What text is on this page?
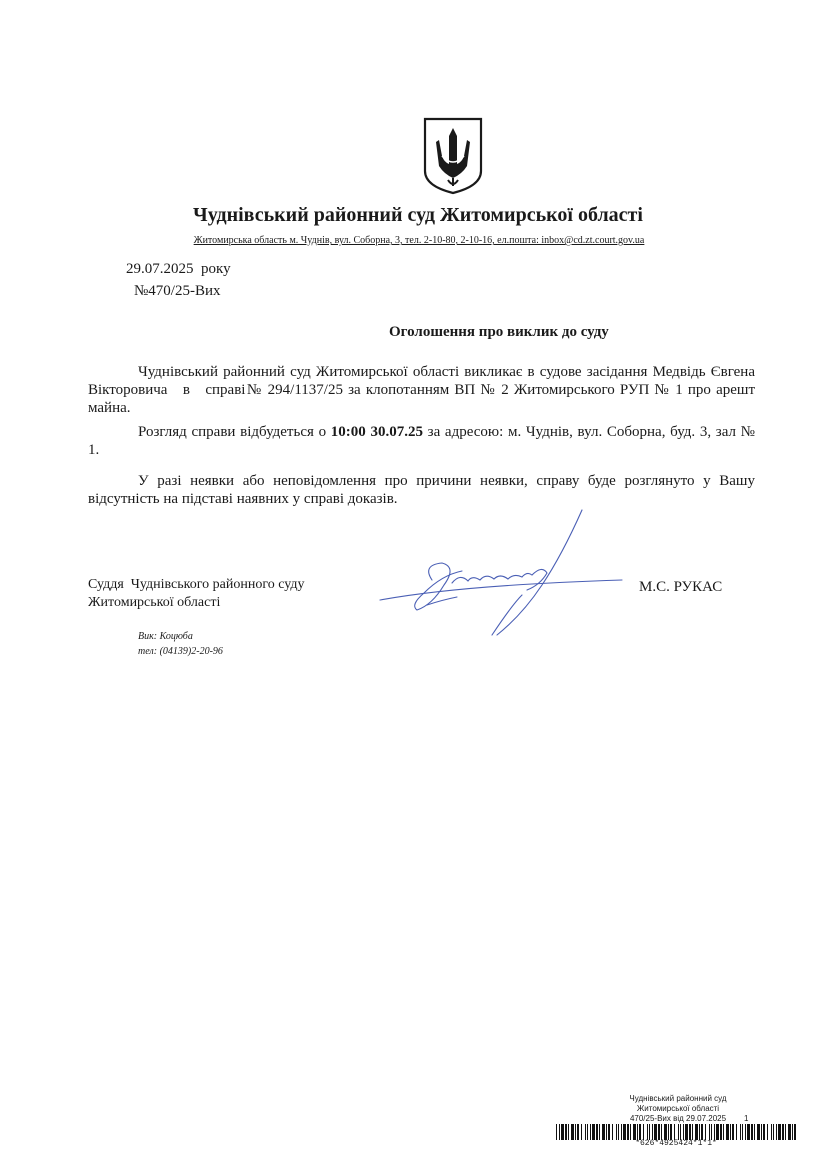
Чуднівський районний суд Житомирської області
Житомирська область м. Чуднів, вул. Соборна, 3, тел. 2-10-80, 2-10-16, ел.пошта: inbox@cd.zt.court.gov.ua
29.07.2025  року
№470/25-Вих
Оголошення про виклик до суду
Чуднівський районний суд Житомирської області викликає в судове засідання Медвідь Євгена Вікторовича   в   справі№ 294/1137/25 за клопотанням ВП № 2 Житомирського РУП № 1 про арешт майна.
Розгляд справи відбудеться о 10:00 30.07.25 за адресою: м. Чуднів, вул. Соборна, буд. 3, зал № 1.
У разі неявки або неповідомлення про причини неявки, справу буде розглянуто у Вашу відсутність на підставі наявних у справі доказів.
Суддя  Чуднівського районного суду
Житомирської області
М.С. РУКАС
Вик: Коцюба
тел: (04139)2-20-96
Чуднівський районний суд
Житомирської області
470/25-Вих від 29.07.2025	1
*626*4925424*1*1*
